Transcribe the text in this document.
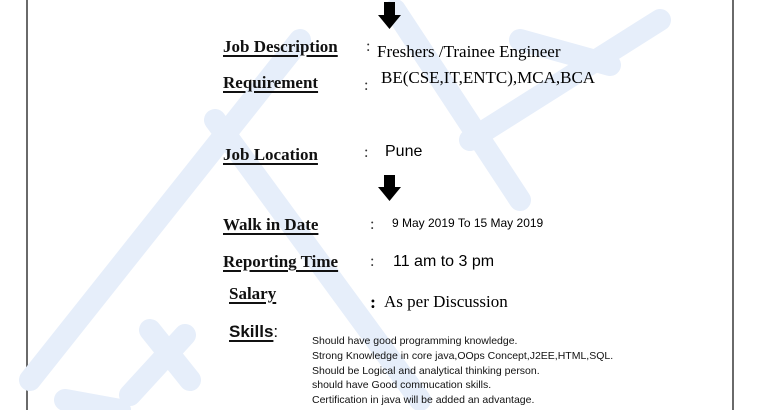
Job Description : Freshers /Trainee Engineer
Requirement	: BE(CSE,IT,ENTC),MCA,BCA
Job Location	: Pune
Walk in Date	: 9 May 2019 To 15 May 2019
Reporting Time : 11 am to 3 pm
Salary	: As per Discussion
Skills:	Should have good programming knowledge.
Strong Knowledge in core java,OOps Concept,J2EE,HTML,SQL.
Should be Logical and analytical thinking person.
should have Good commucation skills.
Certification in java will be added an advantage.
